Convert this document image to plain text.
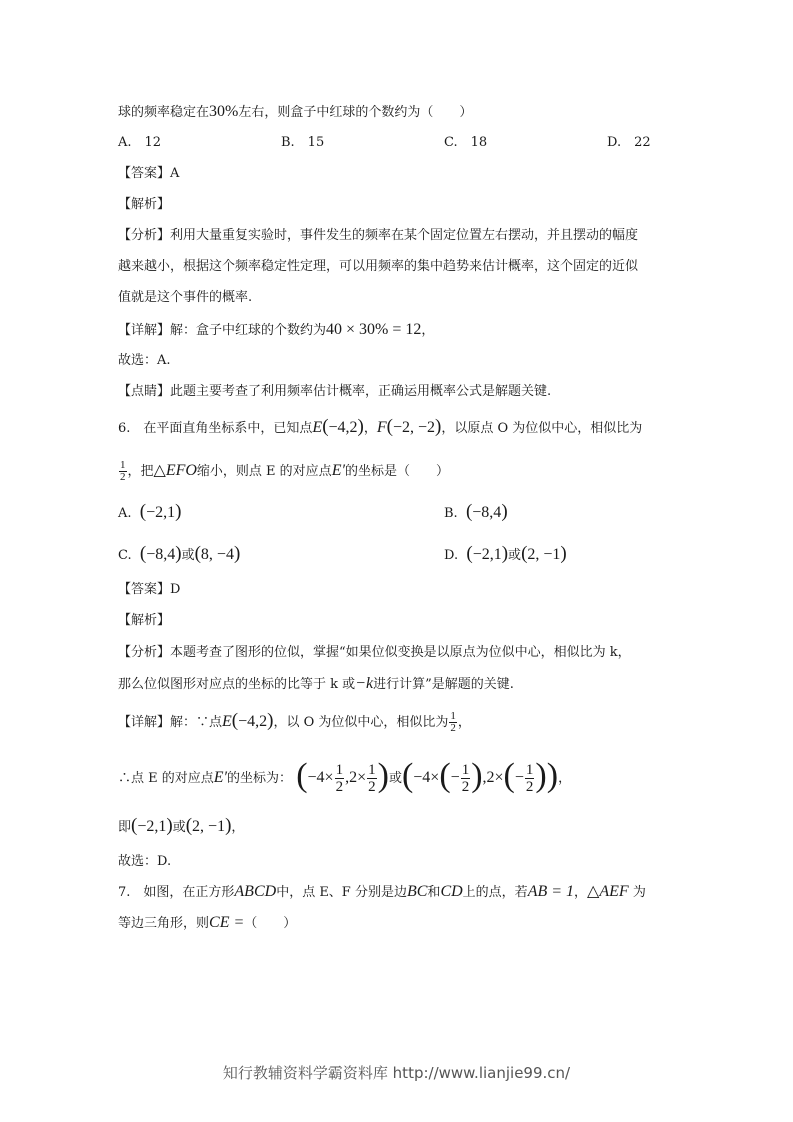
球的频率稳定在30%左右，则盒子中红球的个数约为（　　）
A.　12	B.　15	C.　18	D.　22
【答案】A
【解析】
【分析】利用大量重复实验时，事件发生的频率在某个固定位置左右摆动，并且摆动的幅度
越来越小，根据这个频率稳定性定理，可以用频率的集中趋势来估计概率，这个固定的近似
值就是这个事件的概率.
【详解】解：盒子中红球的个数约为40 × 30% = 12，
故选：A.
【点睛】此题主要考查了利用频率估计概率，正确运用概率公式是解题关键.
6.　在平面直角坐标系中，已知点E(−4,2)，F(−2, −2)，以原点 O 为位似中心，相似比为
$\frac{1}{2}$ ，把△EFO缩小，则点 E 的对应点E′的坐标是（　　）
A. (−2,1)	B. (−8,4)
C. (−8,4)或(8, −4)	D. (−2,1)或(2, −1)
【答案】D
【解析】
【分析】本题考查了图形的位似，掌握“如果位似变换是以原点为位似中心，相似比为 k，
那么位似图形对应点的坐标的比等于 k 或−k进行计算”是解题的关键.
【详解】解：∵点E(−4,2)，以 O 为位似中心，相似比为 $\frac{1}{2}$ ，
∴点 E 的对应点E′的坐标为： ($-4\times \frac{1}{2} ,2\times \frac{1}{2}$ )或($-4\times(- \frac{1}{2} ),2\times(- \frac{1}{2}$ ))，
即(−2,1)或(2, −1)，
故选：D.
7.　如图，在正方形ABCD中，点 E、F 分别是边BC和CD上的点，若AB = 1，△AEF 为
等边三角形，则CE =（　　）
知行教辅资料学霸资料库 http://www.lianjie99.cn/
